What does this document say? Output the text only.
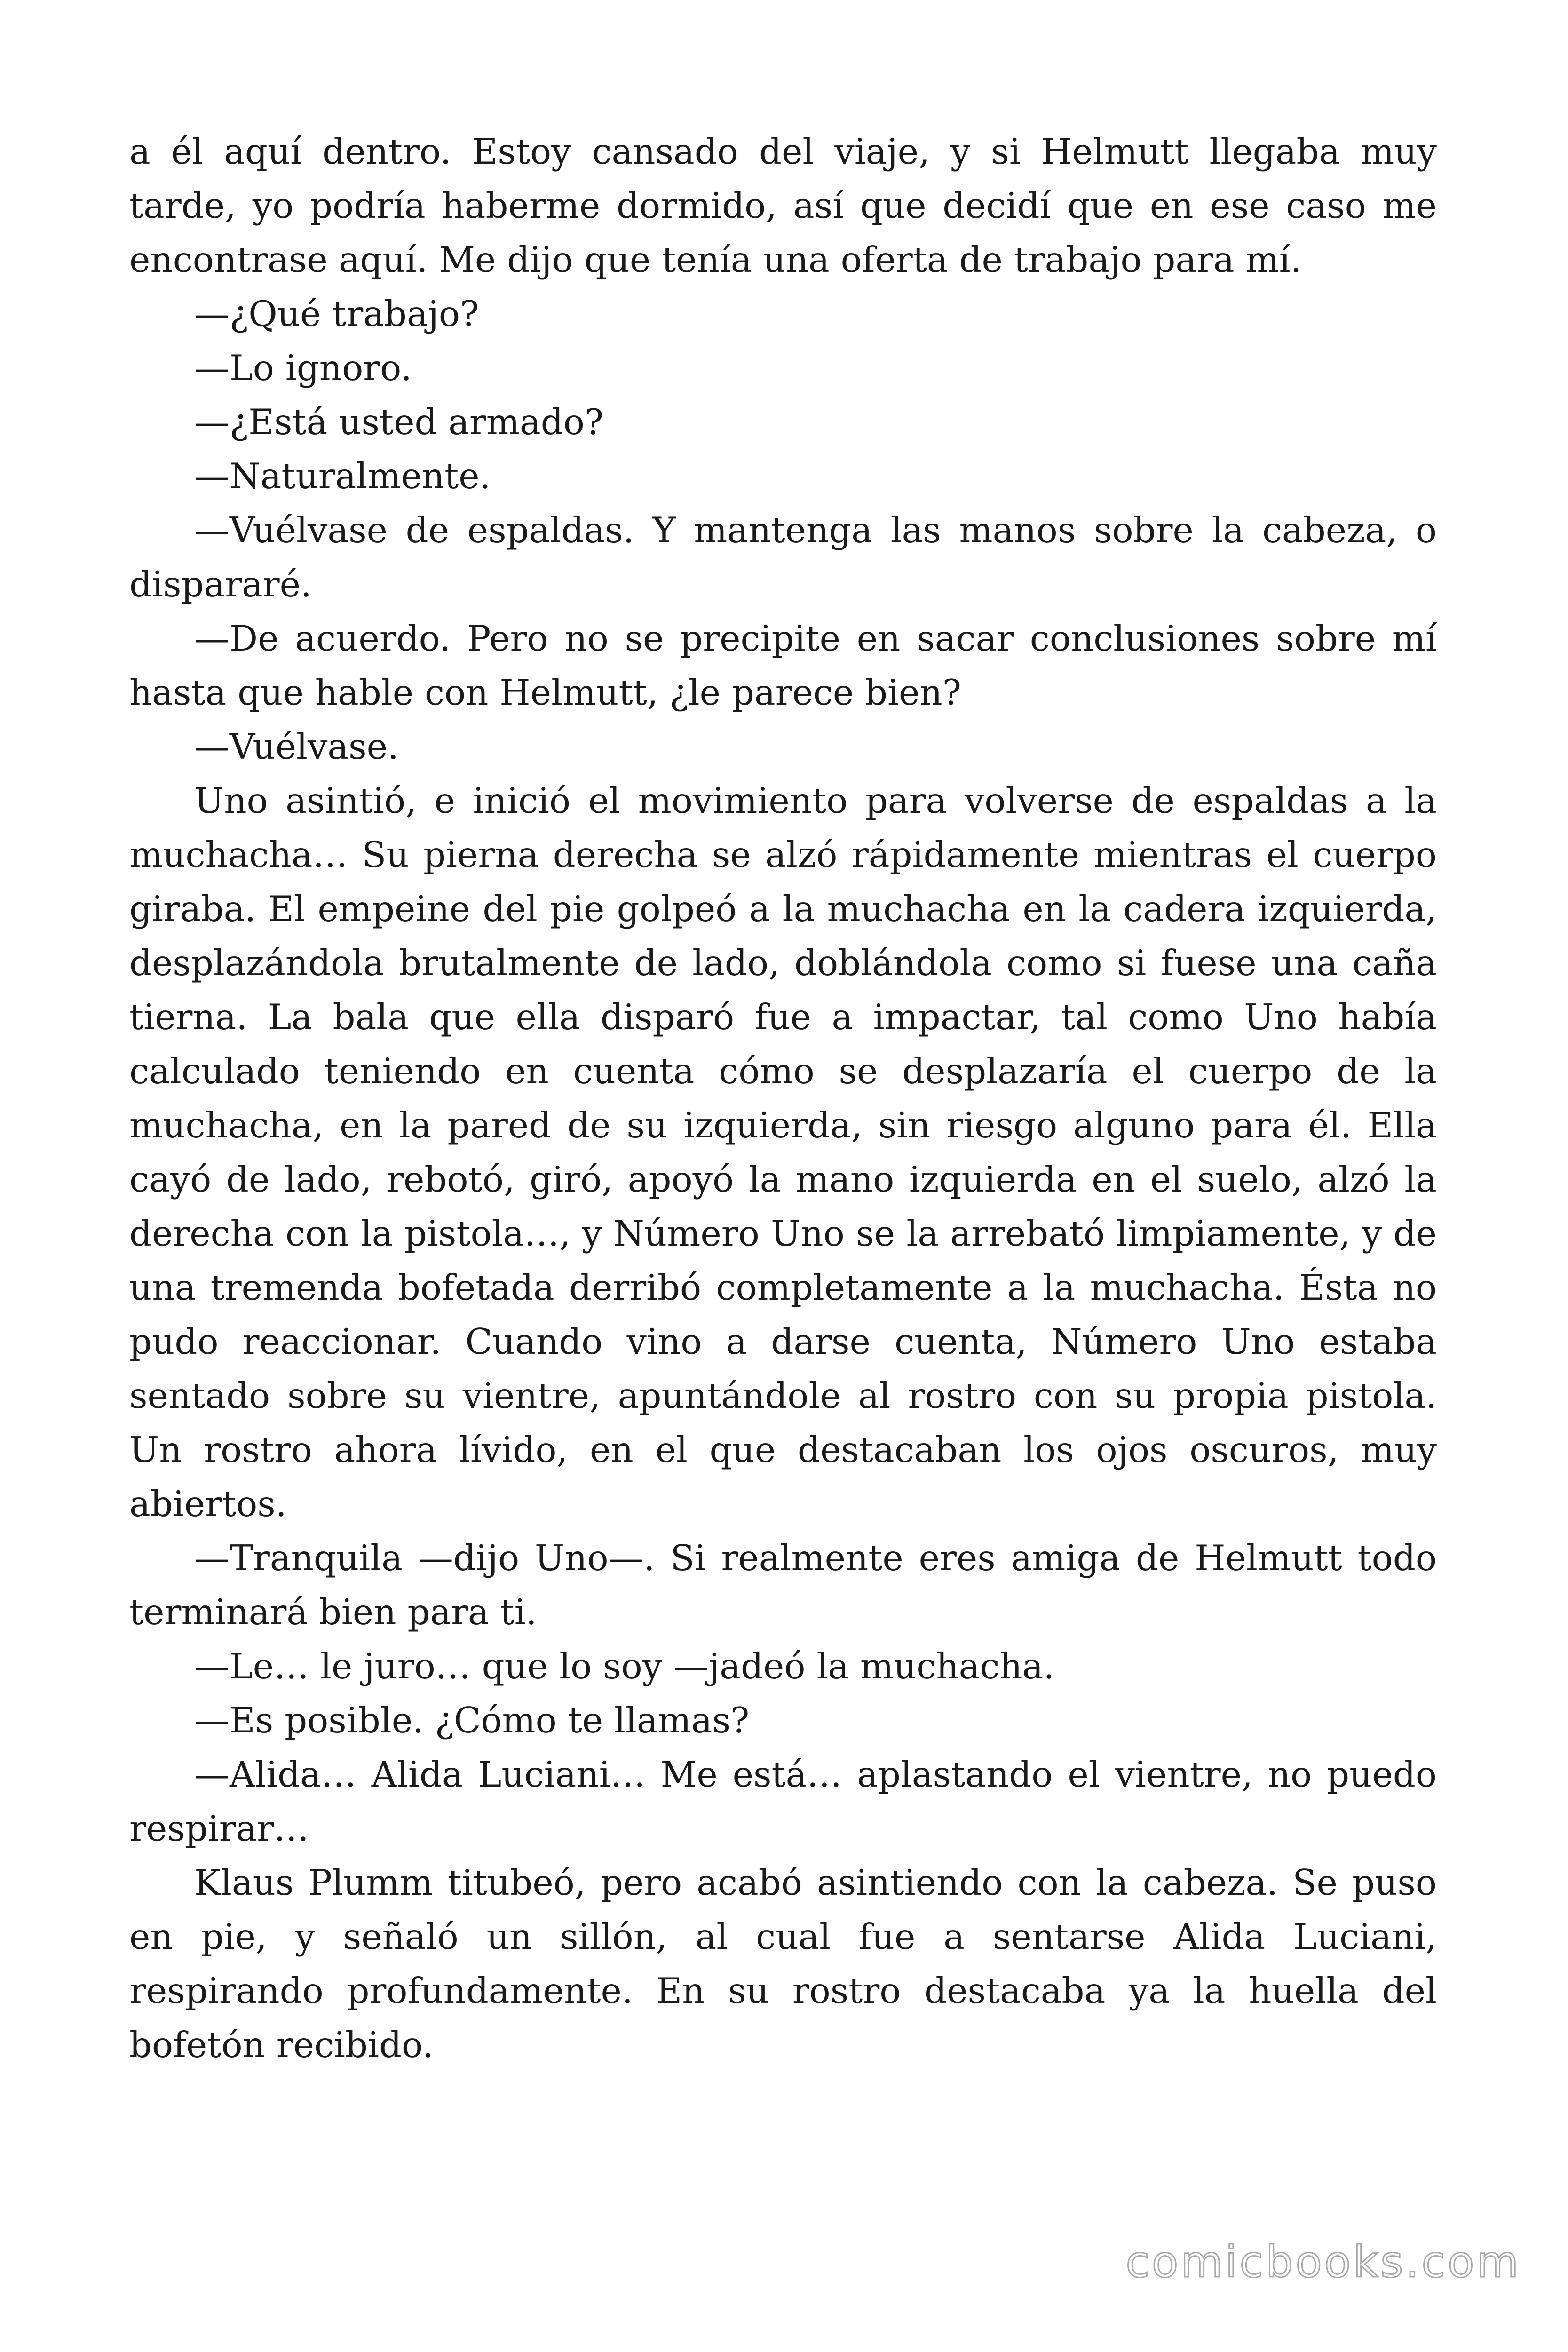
a él aquí dentro. Estoy cansado del viaje, y si Helmutt llegaba muy tarde, yo podría haberme dormido, así que decidí que en ese caso me encontrase aquí. Me dijo que tenía una oferta de trabajo para mí.

—¿Qué trabajo?

—Lo ignoro.

—¿Está usted armado?

—Naturalmente.

—Vuélvase de espaldas. Y mantenga las manos sobre la cabeza, o dispararé.

—De acuerdo. Pero no se precipite en sacar conclusiones sobre mí hasta que hable con Helmutt, ¿le parece bien?

—Vuélvase.

Uno asintió, e inició el movimiento para volverse de espaldas a la muchacha… Su pierna derecha se alzó rápidamente mientras el cuerpo giraba. El empeine del pie golpeó a la muchacha en la cadera izquierda, desplazándola brutalmente de lado, doblándola como si fuese una caña tierna. La bala que ella disparó fue a impactar, tal como Uno había calculado teniendo en cuenta cómo se desplazaría el cuerpo de la muchacha, en la pared de su izquierda, sin riesgo alguno para él. Ella cayó de lado, rebotó, giró, apoyó la mano izquierda en el suelo, alzó la derecha con la pistola…, y Número Uno se la arrebató limpiamente, y de una tremenda bofetada derribó completamente a la muchacha. Ésta no pudo reaccionar. Cuando vino a darse cuenta, Número Uno estaba sentado sobre su vientre, apuntándole al rostro con su propia pistola. Un rostro ahora lívido, en el que destacaban los ojos oscuros, muy abiertos.

—Tranquila —dijo Uno—. Si realmente eres amiga de Helmutt todo terminará bien para ti.

—Le… le juro… que lo soy —jadeó la muchacha.

—Es posible. ¿Cómo te llamas?

—Alida… Alida Luciani… Me está… aplastando el vientre, no puedo respirar…

Klaus Plumm titubeó, pero acabó asintiendo con la cabeza. Se puso en pie, y señaló un sillón, al cual fue a sentarse Alida Luciani, respirando profundamente. En su rostro destacaba ya la huella del bofetón recibido.

comicbooks.com
